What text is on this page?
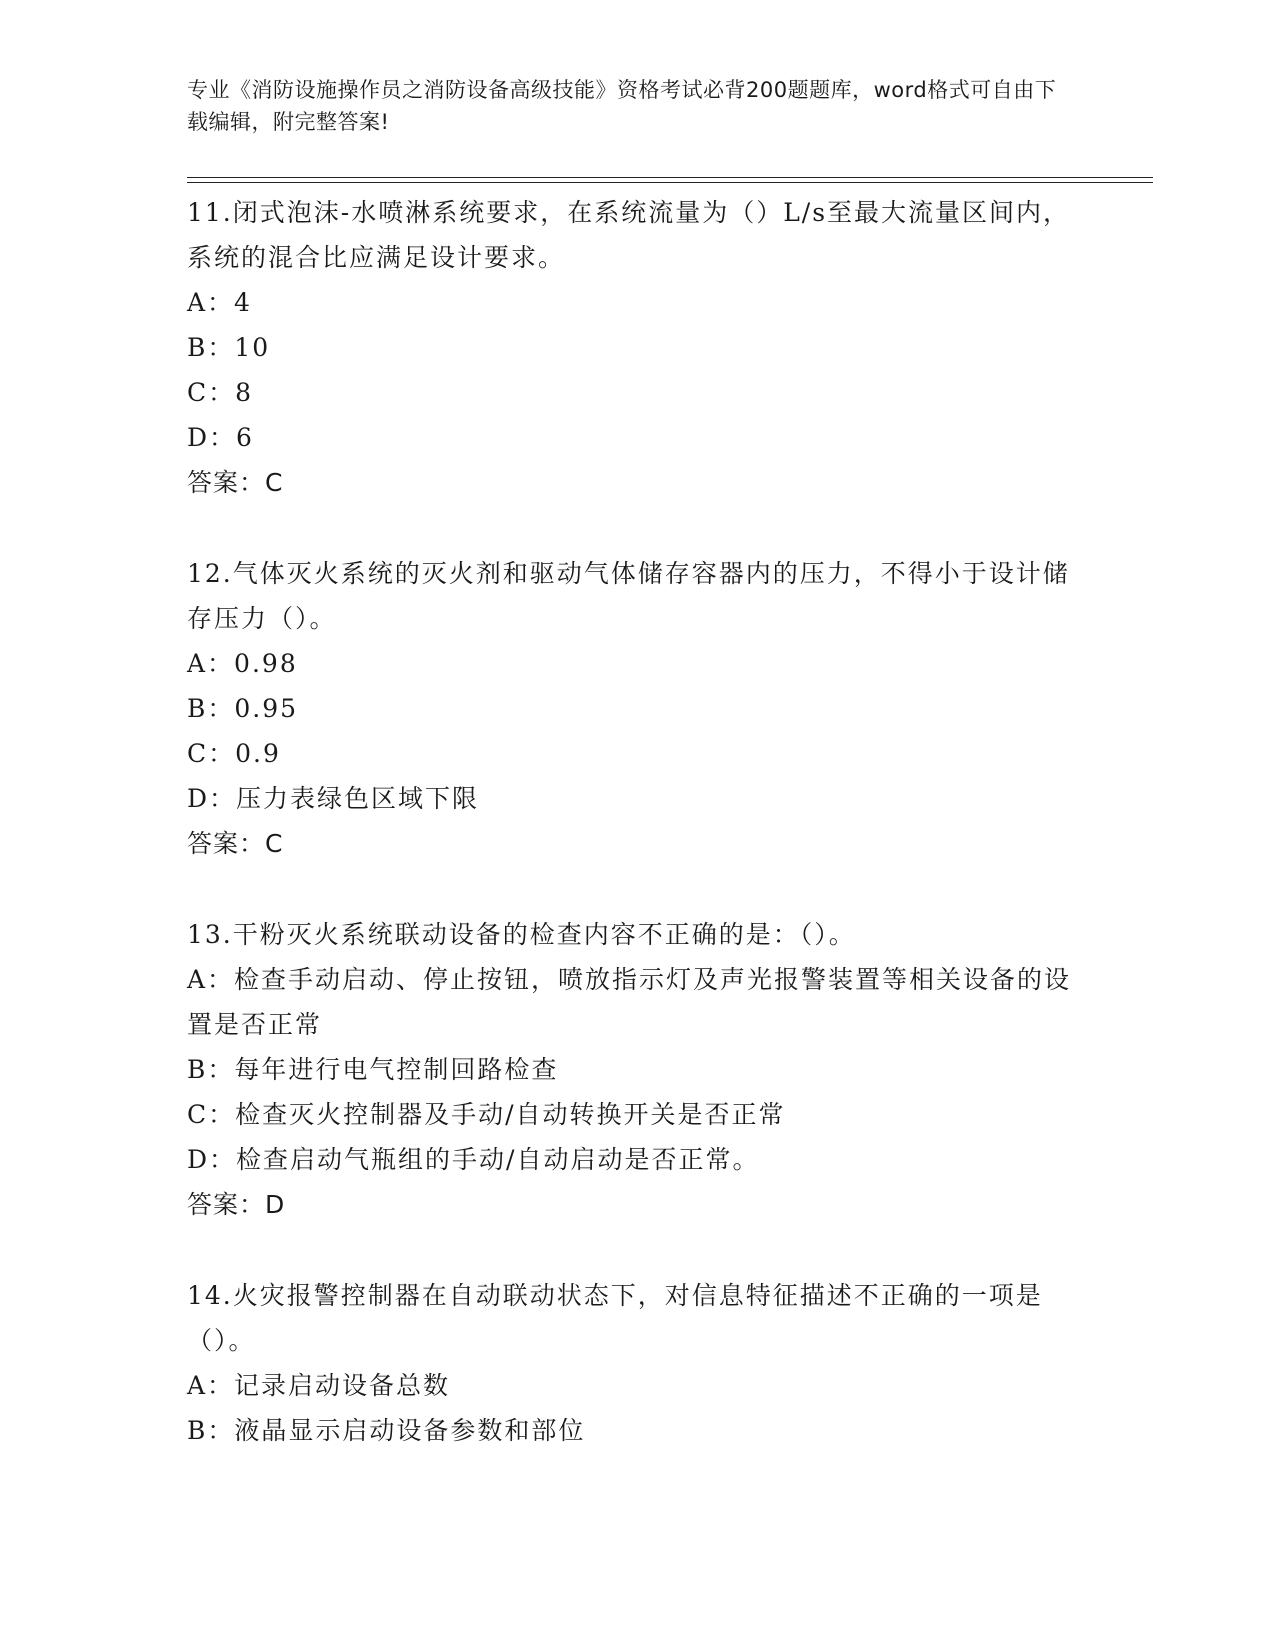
专业《消防设施操作员之消防设备高级技能》资格考试必背200题题库，word格式可自由下载编辑，附完整答案!
11.闭式泡沫-水喷淋系统要求，在系统流量为（）L/s至最大流量区间内，系统的混合比应满足设计要求。
A：4
B：10
C：8
D：6
答案：C
12.气体灭火系统的灭火剂和驱动气体储存容器内的压力，不得小于设计储存压力（）。
A：0.98
B：0.95
C：0.9
D：压力表绿色区域下限
答案：C
13.干粉灭火系统联动设备的检查内容不正确的是：（）。
A：检查手动启动、停止按钮，喷放指示灯及声光报警装置等相关设备的设置是否正常
B：每年进行电气控制回路检查
C：检查灭火控制器及手动/自动转换开关是否正常
D：检查启动气瓶组的手动/自动启动是否正常。
答案：D
14.火灾报警控制器在自动联动状态下，对信息特征描述不正确的一项是（）。
A：记录启动设备总数
B：液晶显示启动设备参数和部位
